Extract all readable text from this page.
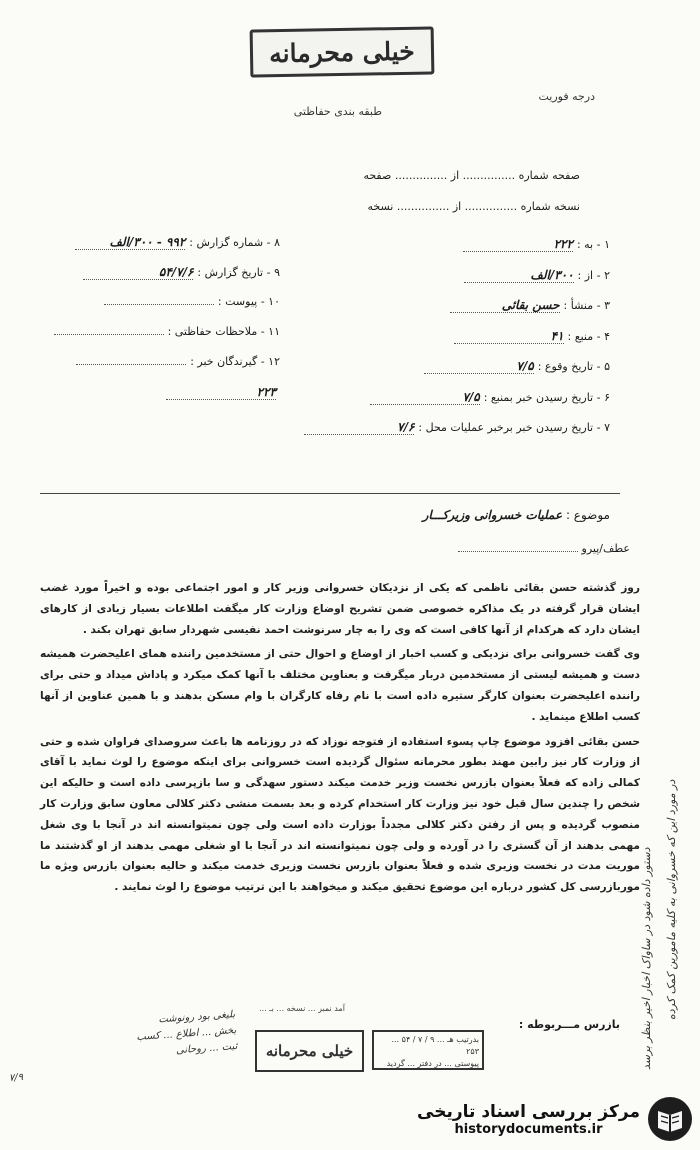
خیلی محرمانه
درجه فوریت
طبقه بندی حفاظتی
صفحه شماره ............... از ............... صفحه
نسخه شماره ............... از ............... نسخه
۱ - به :۲۲۲
۲ - از :۳۰۰/الف
۳ - منشأ :حسن بقائی
۴ - منبع :۴۱
۵ - تاریخ وقوع :۷/۵
۶ - تاریخ رسیدن خبر بمنبع :۷/۵
۷ - تاریخ رسیدن خبر برخبر عملیات محل :۷/۶
۸ - شماره گزارش :۹۹۲ - ۳۰۰/الف
۹ - تاریخ گزارش :۵۴/۷/۶
۱۰ - پیوست :
۱۱ - ملاحظات حفاظتی :
۱۲ - گیرندگان خبر :
۲۲۳
موضوع : عملیات خسروانی وزیرکـــار
عطف/پیرو

روز گذشته حسن بقائی ناظمی که یکی از نزدیکان خسروانی وزیر کار و امور اجتماعی بوده و اخیراً مورد غضب ایشان قرار گرفته در یک مذاکره خصوصی ضمن تشریح اوضاع وزارت کار میگفت اطلاعات بسیار زیادی از کارهای ایشان دارد که هرکدام از آنها کافی است که وی را به چار سرنوشت احمد نفیسی شهردار سابق تهران بکند .

وی گفت خسروانی برای نزدیکی و کسب اخبار از اوضاع و احوال حتی از مستخدمین راننده همای اعلیحضرت همیشه دست و همیشه لیستی از مستخدمین دربار میگرفت و بعناوین مختلف با آنها کمک میکرد و پاداش میداد و حتی برای راننده اعلیحضرت بعنوان کارگر ستیره داده است با نام رفاه کارگران با وام مسکن بدهند و با همین عناوین از آنها کسب اطلاع مینماید .

حسن بقائی افزود موضوع چاپ پسوء استفاده از فتوجه نوزاد که در روزنامه ها باعث سروصدای فراوان شده و حتی از وزارت کار نیز رابین مهند بطور محرمانه سئوال گردیده است خسروانی برای اینکه موضوع را لوث نماید با آقای کمالی زاده که فعلاً بعنوان بازرس نخست وزیر خدمت میکند دستور سهدگی و سا بازپرسی داده است و حالیکه این شخص را چندین سال قبل خود نیز وزارت کار استخدام کرده و بعد بسمت منشی دکتر کلالی معاون سابق وزارت کار منصوب گردیده و پس از رفتن دکتر کلالی مجدداً بوزارت داده است ولی چون نمیتوانسته اند در آنجا با وی شغل مهمی بدهند از آن گستری را در آورده و ولی چون نمیتوانسته اند در آنجا با او شغلی مهمی بدهند از او گذشتند ما موریت مدت در نخست وزیری شده و فعلاً بعنوان بازرس نخست وزیری خدمت میکند و حالیه بعنوان بازرس ویژه ما موربازرسی کل کشور درباره این موضوع تحقیق میکند و میخواهند با این ترتیب موضوع را لوث نمایند .

بازرس مـــربوطه :
آمد نمبر ... نسخه ... بـ ...
خیلی محرمانه
بدرتیب هـ ... ۹ / ۷ / ۵۴ ... ۲۵۳
پیوستی ... در دفتر ... گردید
بلیغی بود رونوشت
بخش ... اطلاع ... کسب
ثبت ... روحانی
۷/۹
دستور داده شود در ساواک اخبار اخیر بنظر برسد در مورد این که خسروانی به کلیه مامورین کمک کرده
مرکز بررسی اسناد تاریخی
historydocuments.ir
